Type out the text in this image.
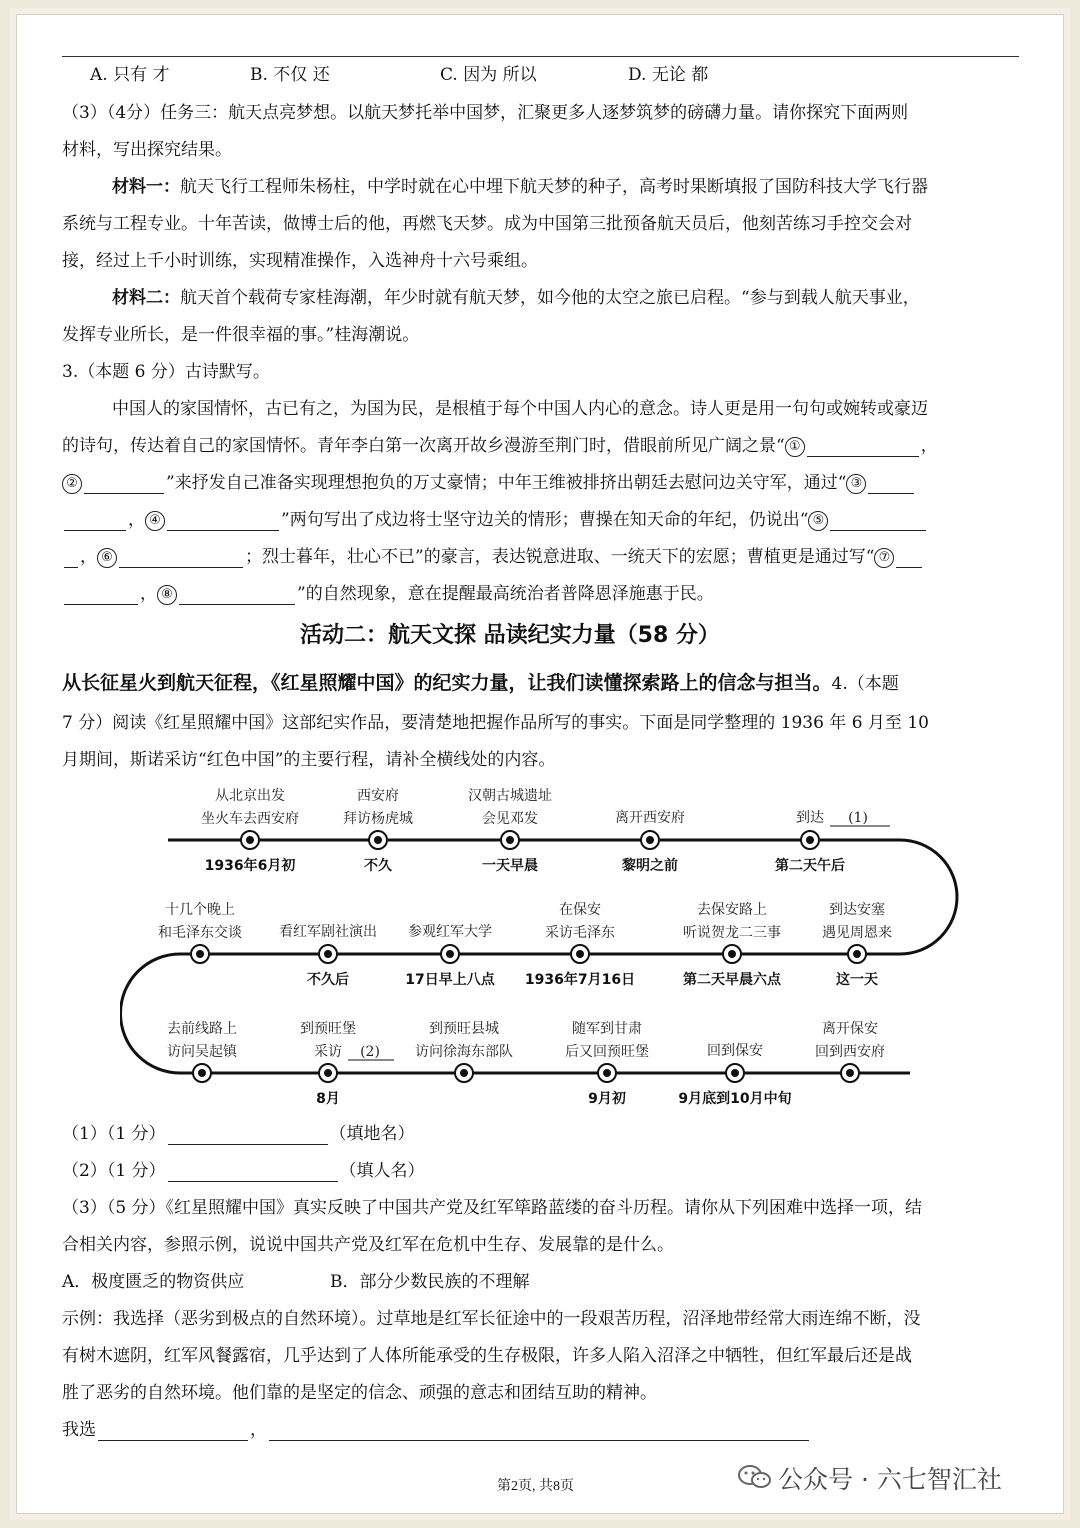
A. 只有 才	B. 不仅 还	C. 因为 所以	D. 无论 都
（3）（4分）任务三：航天点亮梦想。以航天梦托举中国梦，汇聚更多人逐梦筑梦的磅礴力量。请你探究下面两则
材料，写出探究结果。
材料一：航天飞行工程师朱杨柱，中学时就在心中埋下航天梦的种子，高考时果断填报了国防科技大学飞行器
系统与工程专业。十年苦读，做博士后的他，再燃飞天梦。成为中国第三批预备航天员后，他刻苦练习手控交会对
接，经过上千小时训练，实现精准操作，入选神舟十六号乘组。
材料二：航天首个载荷专家桂海潮，年少时就有航天梦，如今他的太空之旅已启程。“参与到载人航天事业，
发挥专业所长，是一件很幸福的事。”桂海潮说。
3.（本题 6 分）古诗默写。
中国人的家国情怀，古已有之，为国为民，是根植于每个中国人内心的意念。诗人更是用一句句或婉转或豪迈
的诗句，传达着自己的家国情怀。青年李白第一次离开故乡漫游至荆门时，借眼前所见广阔之景“ ①	，
②	”来抒发自己准备实现理想抱负的万丈豪情；中年王维被排挤出朝廷去慰问边关守军，通过“ ③
， ④	”两句写出了戍边将士坚守边关的情形；曹操在知天命的年纪，仍说出“ ⑤
， ⑥	；烈士暮年，壮心不已”的豪言，表达锐意进取、一统天下的宏愿；曹植更是通过写“ ⑦
， ⑧	”的自然现象，意在提醒最高统治者普降恩泽施惠于民。
活动二：航天文探 品读纪实力量（58 分）
从长征星火到航天征程，《红星照耀中国》的纪实力量，让我们读懂探索路上的信念与担当。4.（本题
7 分）阅读《红星照耀中国》这部纪实作品，要清楚地把握作品所写的事实。下面是同学整理的 1936 年 6 月至 10
月期间，斯诺采访“红色中国”的主要行程，请补全横线处的内容。
从北京出发
坐火车去西安府
1936年6月初
西安府
拜访杨虎城
不久
汉朝古城遗址
会见邓发
一天早晨
离开西安府
黎明之前
到达 (1)
第二天午后
十几个晚上
和毛泽东交谈	看红军剧社演出
不久后
参观红军大学
17日早上八点
在保安
采访毛泽东
1936年7月16日
去保安路上
听说贺龙二三事
第二天早晨六点
到达安塞
遇见周恩来
这一天
去前线路上
访问吴起镇
到预旺堡
采访 (2)
8月
到预旺县城
访问徐海东部队
随军到甘肃
后又回预旺堡
9月初
回到保安
9月底到10月中旬
离开保安
回到西安府
（1）（1 分）	（填地名）
（2）（1 分）	（填人名）
（3）（5 分）《红星照耀中国》真实反映了中国共产党及红军筚路蓝缕的奋斗历程。请你从下列困难中选择一项，结
合相关内容，参照示例，说说中国共产党及红军在危机中生存、发展靠的是什么。
A．极度匮乏的物资供应	B．部分少数民族的不理解
示例：我选择（恶劣到极点的自然环境）。过草地是红军长征途中的一段艰苦历程，沼泽地带经常大雨连绵不断，没
有树木遮阴，红军风餐露宿，几乎达到了人体所能承受的生存极限，许多人陷入沼泽之中牺牲，但红军最后还是战
胜了恶劣的自然环境。他们靠的是坚定的信念、顽强的意志和团结互助的精神。
我选	，
第2页, 共8页	公众号 · 六七智汇社
